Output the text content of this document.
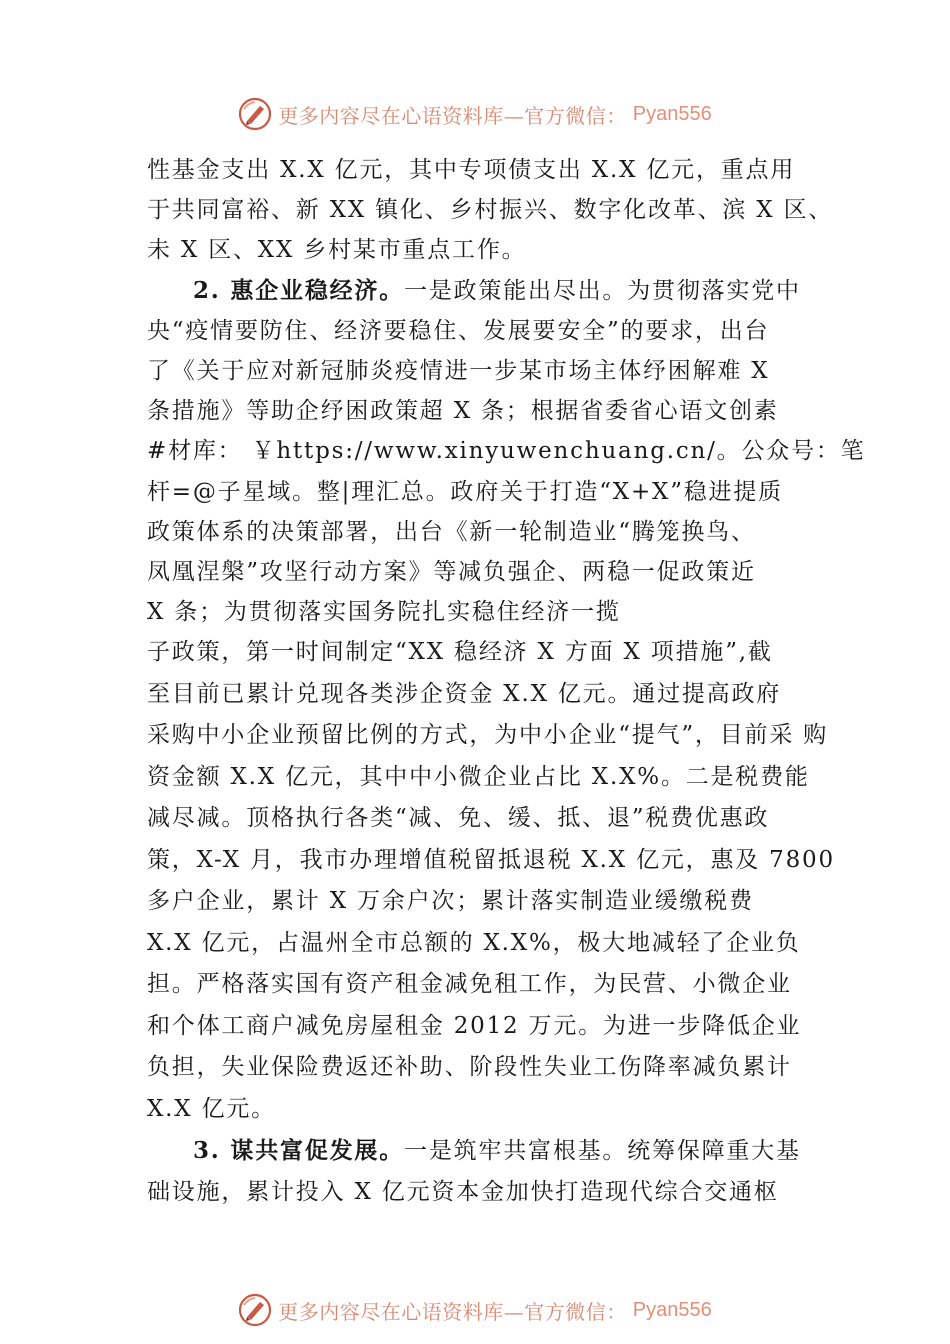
更多内容尽在心语资料库—官方微信： Pyan556
性基金支出 X.X 亿元，其中专项债支出 X.X 亿元，重点用
于共同富裕、新 XX 镇化、乡村振兴、数字化改革、滨 X 区、
未 X 区、XX 乡村某市重点工作。
2. 惠企业稳经济。一是政策能出尽出。为贯彻落实党中
央“疫情要防住、经济要稳住、发展要安全”的要求，出台
了《关于应对新冠肺炎疫情进一步某市场主体纾困解难 X
条措施》等助企纾困政策超 X 条；根据省委省心语文创素
#材库： ￥https://www.xinyuwenchuang.cn/。公众号：笔
杆=@子星域。整|理汇总。政府关于打造“X+X”稳进提质
政策体系的决策部署，出台《新一轮制造业“腾笼换鸟、
凤凰涅槃”攻坚行动方案》等减负强企、两稳一促政策近
X 条；为贯彻落实国务院扎实稳住经济一揽
子政策，第一时间制定“XX 稳经济 X 方面 X 项措施”,截
至目前已累计兑现各类涉企资金 X.X 亿元。通过提高政府
采购中小企业预留比例的方式，为中小企业“提气”，目前采 购
资金额 X.X 亿元，其中中小微企业占比 X.X%。二是税费能
减尽减。顶格执行各类“减、免、缓、抵、退”税费优惠政
策，X-X 月，我市办理增值税留抵退税 X.X 亿元，惠及 7800
多户企业，累计 X 万余户次；累计落实制造业缓缴税费
X.X 亿元，占温州全市总额的 X.X%，极大地减轻了企业负
担。严格落实国有资产租金减免租工作，为民营、小微企业
和个体工商户减免房屋租金 2012 万元。为进一步降低企业
负担，失业保险费返还补助、阶段性失业工伤降率减负累计
X.X 亿元。
3. 谋共富促发展。一是筑牢共富根基。统筹保障重大基
础设施，累计投入 X 亿元资本金加快打造现代综合交通枢
更多内容尽在心语资料库—官方微信： Pyan556
